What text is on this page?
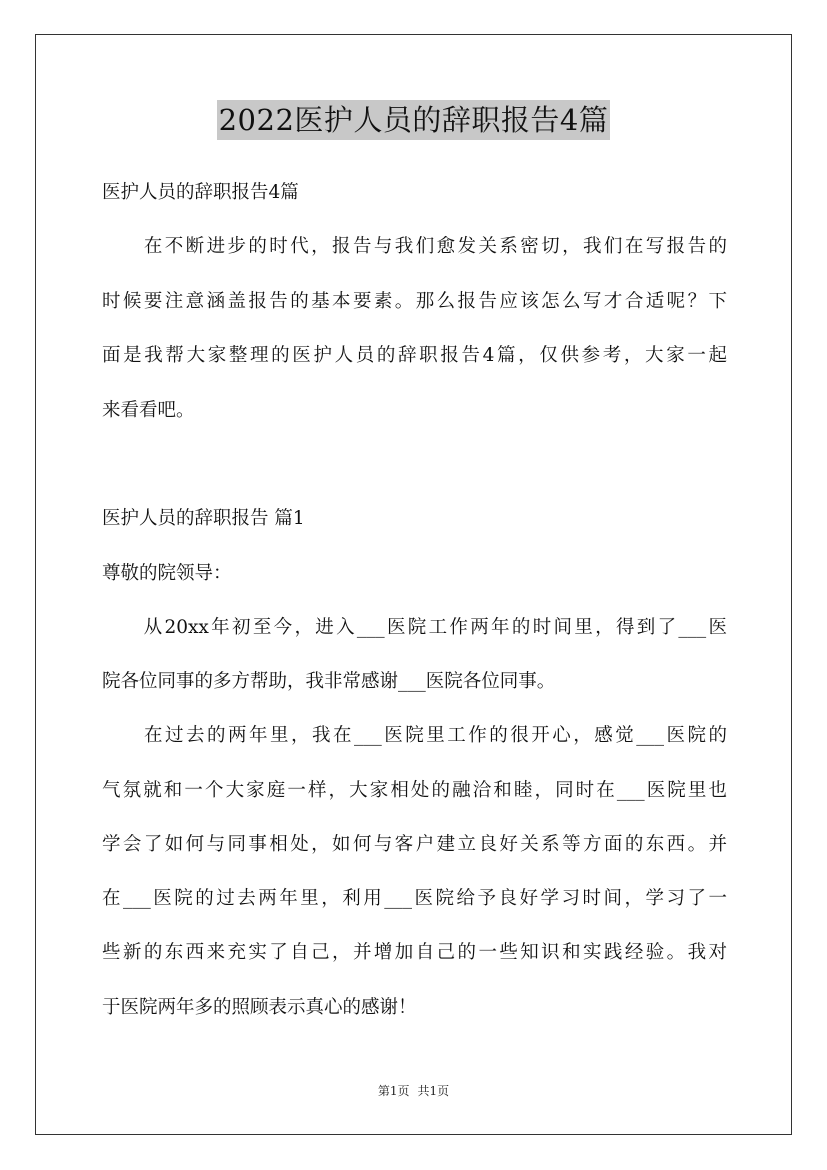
2022医护人员的辞职报告4篇
医护人员的辞职报告4篇
　　在不断进步的时代，报告与我们愈发关系密切，我们在写报告的
时候要注意涵盖报告的基本要素。那么报告应该怎么写才合适呢？下
面是我帮大家整理的医护人员的辞职报告4篇，仅供参考，大家一起
来看看吧。
医护人员的辞职报告 篇1
尊敬的院领导：
　　从20xx年初至今，进入___医院工作两年的时间里，得到了___医
院各位同事的多方帮助，我非常感谢___医院各位同事。
　　在过去的两年里，我在___医院里工作的很开心，感觉___医院的
气氛就和一个大家庭一样，大家相处的融洽和睦，同时在___医院里也
学会了如何与同事相处，如何与客户建立良好关系等方面的东西。并
在___医院的过去两年里，利用___医院给予良好学习时间，学习了一
些新的东西来充实了自己，并增加自己的一些知识和实践经验。我对
于医院两年多的照顾表示真心的感谢！
第1页 共1页
